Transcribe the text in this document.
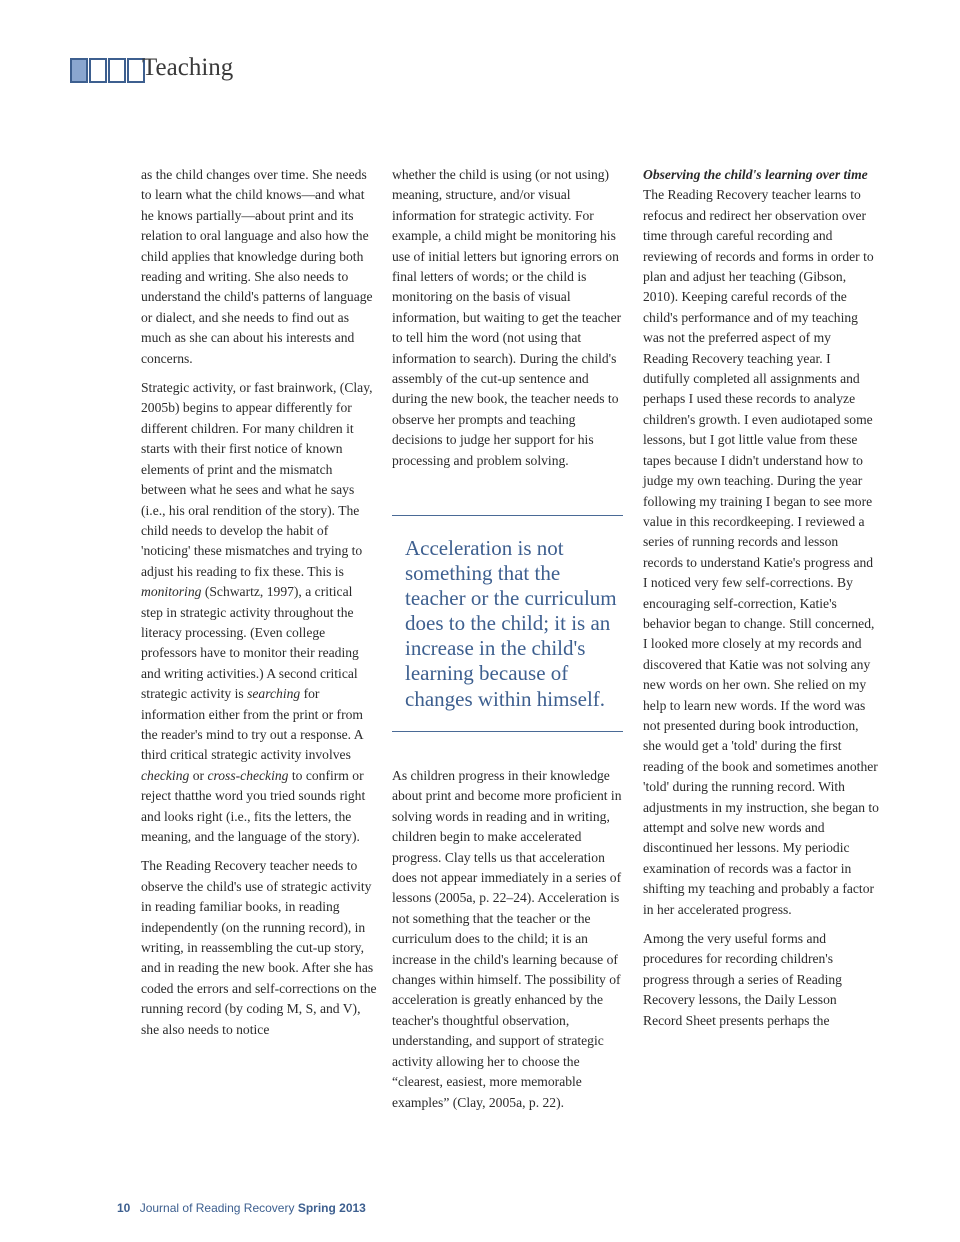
Teaching

as the child changes over time. She needs to learn what the child knows—and what he knows partially—about print and its relation to oral language and also how the child applies that knowledge during both reading and writing. She also needs to understand the child's patterns of language or dialect, and she needs to find out as much as she can about his interests and concerns.

Strategic activity, or fast brainwork, (Clay, 2005b) begins to appear differently for different children. For many children it starts with their first notice of known elements of print and the mismatch between what he sees and what he says (i.e., his oral rendition of the story). The child needs to develop the habit of 'noticing' these mismatches and trying to adjust his reading to fix these. This is monitoring (Schwartz, 1997), a critical step in strategic activity throughout the literacy processing. (Even college professors have to monitor their reading and writing activities.) A second critical strategic activity is searching for information either from the print or from the reader's mind to try out a response. A third critical strategic activity involves checking or cross-checking to confirm or reject thatthe word you tried sounds right and looks right (i.e., fits the letters, the meaning, and the language of the story).

The Reading Recovery teacher needs to observe the child's use of strategic activity in reading familiar books, in reading independently (on the running record), in writing, in reassembling the cut-up story, and in reading the new book. After she has coded the errors and self-corrections on the running record (by coding M, S, and V), she also needs to notice

whether the child is using (or not using) meaning, structure, and/or visual information for strategic activity. For example, a child might be monitoring his use of initial letters but ignoring errors on final letters of words; or the child is monitoring on the basis of visual information, but waiting to get the teacher to tell him the word (not using that information to search). During the child's assembly of the cut-up sentence and during the new book, the teacher needs to observe her prompts and teaching decisions to judge her support for his processing and problem solving.

Acceleration is not something that the teacher or the curriculum does to the child; it is an increase in the child's learning because of changes within himself.

As children progress in their knowledge about print and become more proficient in solving words in reading and in writing, children begin to make accelerated progress. Clay tells us that acceleration does not appear immediately in a series of lessons (2005a, p. 22–24). Acceleration is not something that the teacher or the curriculum does to the child; it is an increase in the child's learning because of changes within himself. The possibility of acceleration is greatly enhanced by the teacher's thoughtful observation, understanding, and support of strategic activity allowing her to choose the “clearest, easiest, more memorable examples” (Clay, 2005a, p. 22).

Observing the child's learning over time

The Reading Recovery teacher learns to refocus and redirect her observation over time through careful recording and reviewing of records and forms in order to plan and adjust her teaching (Gibson, 2010). Keeping careful records of the child's performance and of my teaching was not the preferred aspect of my Reading Recovery teaching year. I dutifully completed all assignments and perhaps I used these records to analyze children's growth. I even audiotaped some lessons, but I got little value from these tapes because I didn't understand how to judge my own teaching. During the year following my training I began to see more value in this recordkeeping. I reviewed a series of running records and lesson records to understand Katie's progress and I noticed very few self-corrections. By encouraging self-correction, Katie's behavior began to change. Still concerned, I looked more closely at my records and discovered that Katie was not solving any new words on her own. She relied on my help to learn new words. If the word was not presented during book introduction, she would get a 'told' during the first reading of the book and sometimes another 'told' during the running record. With adjustments in my instruction, she began to attempt and solve new words and discontinued her lessons. My periodic examination of records was a factor in shifting my teaching and probably a factor in her accelerated progress.

Among the very useful forms and procedures for recording children's progress through a series of Reading Recovery lessons, the Daily Lesson Record Sheet presents perhaps the

10 Journal of Reading Recovery Spring 2013
